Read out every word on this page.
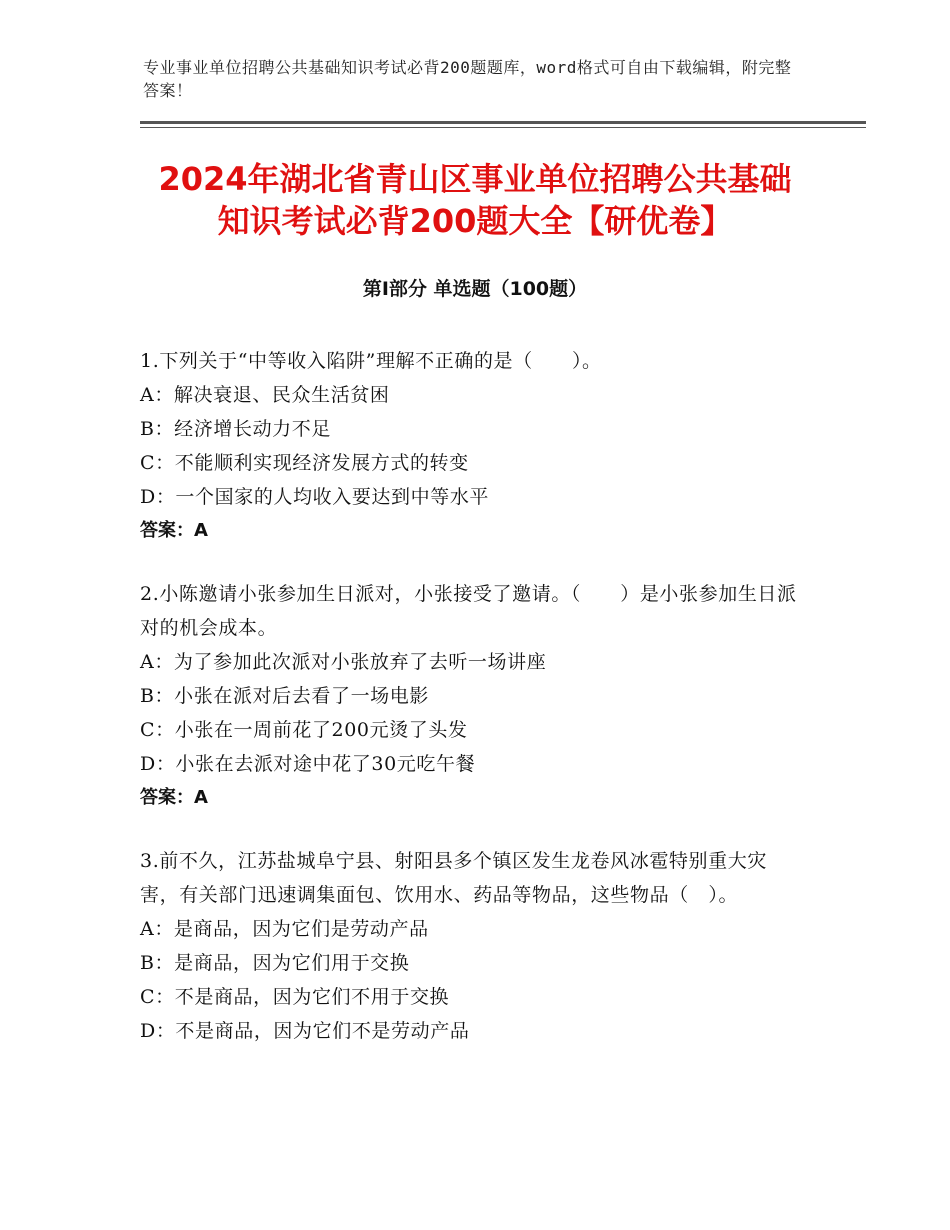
专业事业单位招聘公共基础知识考试必背200题题库，word格式可自由下载编辑，附完整答案！
2024年湖北省青山区事业单位招聘公共基础
知识考试必背200题大全【研优卷】
第Ⅰ部分 单选题（100题）
1.下列关于“中等收入陷阱”理解不正确的是（　　）。
A：解决衰退、民众生活贫困
B：经济增长动力不足
C：不能顺利实现经济发展方式的转变
D：一个国家的人均收入要达到中等水平
答案：A
2.小陈邀请小张参加生日派对，小张接受了邀请。（　　）是小张参加生日派对的机会成本。
A：为了参加此次派对小张放弃了去听一场讲座
B：小张在派对后去看了一场电影
C：小张在一周前花了200元烫了头发
D：小张在去派对途中花了30元吃午餐
答案：A
3.前不久，江苏盐城阜宁县、射阳县多个镇区发生龙卷风冰雹特别重大灾害，有关部门迅速调集面包、饮用水、药品等物品，这些物品（　）。
A：是商品，因为它们是劳动产品
B：是商品，因为它们用于交换
C：不是商品，因为它们不用于交换
D：不是商品，因为它们不是劳动产品
